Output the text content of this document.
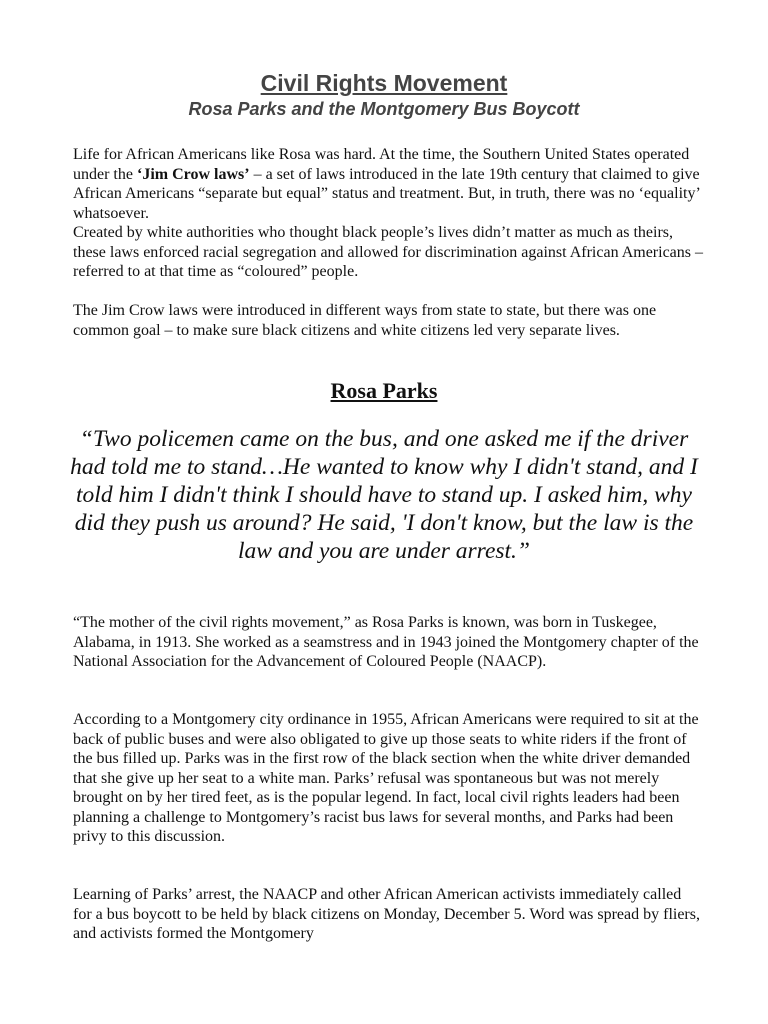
Civil Rights Movement
Rosa Parks and the Montgomery Bus Boycott

Life for African Americans like Rosa was hard. At the time, the Southern United States operated under the ‘Jim Crow laws’ – a set of laws introduced in the late 19th century that claimed to give African Americans “separate but equal” status and treatment. But, in truth, there was no ‘equality’ whatsoever.

Created by white authorities who thought black people’s lives didn’t matter as much as theirs, these laws enforced racial segregation and allowed for discrimination against African Americans – referred to at that time as “coloured” people.

The Jim Crow laws were introduced in different ways from state to state, but there was one common goal – to make sure black citizens and white citizens led very separate lives.

Rosa Parks
“Two policemen came on the bus, and one asked me if the driver had told me to stand…He wanted to know why I didn't stand, and I told him I didn't think I should have to stand up. I asked him, why did they push us around? He said, 'I don't know, but the law is the law and you are under arrest.”

“The mother of the civil rights movement,” as Rosa Parks is known, was born in Tuskegee, Alabama, in 1913. She worked as a seamstress and in 1943 joined the Montgomery chapter of the National Association for the Advancement of Coloured People (NAACP).

According to a Montgomery city ordinance in 1955, African Americans were required to sit at the back of public buses and were also obligated to give up those seats to white riders if the front of the bus filled up. Parks was in the first row of the black section when the white driver demanded that she give up her seat to a white man. Parks’ refusal was spontaneous but was not merely brought on by her tired feet, as is the popular legend. In fact, local civil rights leaders had been planning a challenge to Montgomery’s racist bus laws for several months, and Parks had been privy to this discussion.

Learning of Parks’ arrest, the NAACP and other African American activists immediately called for a bus boycott to be held by black citizens on Monday, December 5. Word was spread by fliers, and activists formed the Montgomery
